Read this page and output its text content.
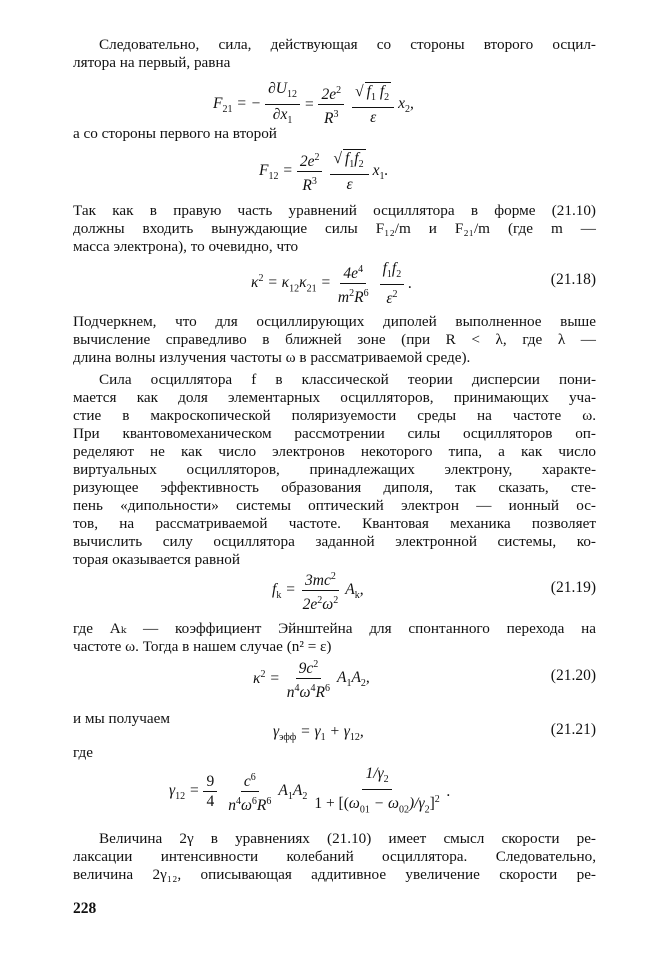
Следовательно, сила, действующая со стороны второго осцил-
лятора на первый, равна
$F_{21}$ = − $\frac{\partial U_{12}}{\partial x_1} = \frac{2e^2}{R^3} \frac{√ f_1 f_2}{\varepsilon} x_2$,
а со стороны первого на второй
$F_{12} = \frac{2e^2}{R^3} \frac{√ f_1f_2}{\varepsilon} x_1$.
Так как в правую часть уравнений осциллятора в форме (21.10)
должны входить вынуждающие силы F₁₂/m и F₂₁/m (где m —
масса электрона), то очевидно, что
$\kappa^2 = \kappa_{12}\kappa_{21} = \frac{4e^4}{m^2R^6} \frac{f_1f_2}{\varepsilon^2}$ .	(21.18)
Подчеркнем, что для осциллирующих диполей выполненное выше
вычисление справедливо в ближней зоне (при R < λ, где λ —
длина волны излучения частоты ω в рассматриваемой среде).
Сила осциллятора f в классической теории дисперсии пони-
мается как доля элементарных осцилляторов, принимающих уча-
стие в макроскопической поляризуемости среды на частоте ω.
При квантовомеханическом рассмотрении силы осцилляторов оп-
ределяют не как число электронов некоторого типа, а как число
виртуальных осцилляторов, принадлежащих электрону, характе-
ризующее эффективность образования диполя, так сказать, сте-
пень «дипольности» системы оптический электрон — ионный ос-
тов, на рассматриваемой частоте. Квантовая механика позволяет
вычислить силу осциллятора заданной электронной системы, ко-
торая оказывается равной
$f_k = \frac{3mc^2}{2e^2\omega^2} A_k$,	(21.19)
где Aₖ — коэффициент Эйнштейна для спонтанного перехода на
частоте ω. Тогда в нашем случае (n² = ε)
$\kappa^2 = \frac{9c^2}{n^4\omega^4R^6} A_1A_2$,	(21.20)
и мы получаем
$\gamma_{эфф} = \gamma_1 + \gamma_{12}$,	(21.21)
где
$\gamma_{12} = \frac{9}{4} \frac{c^6}{n^4\omega^6R^6} A_1A_2 \frac{1/\gamma_2}{1 + [(\omega_{01} - \omega_{02})/\gamma_2]^2}$ .
Величина 2γ в уравнениях (21.10) имеет смысл скорости ре-
лаксации интенсивности колебаний осциллятора. Следовательно,
величина 2γ₁₂, описывающая аддитивное увеличение скорости ре-
228
